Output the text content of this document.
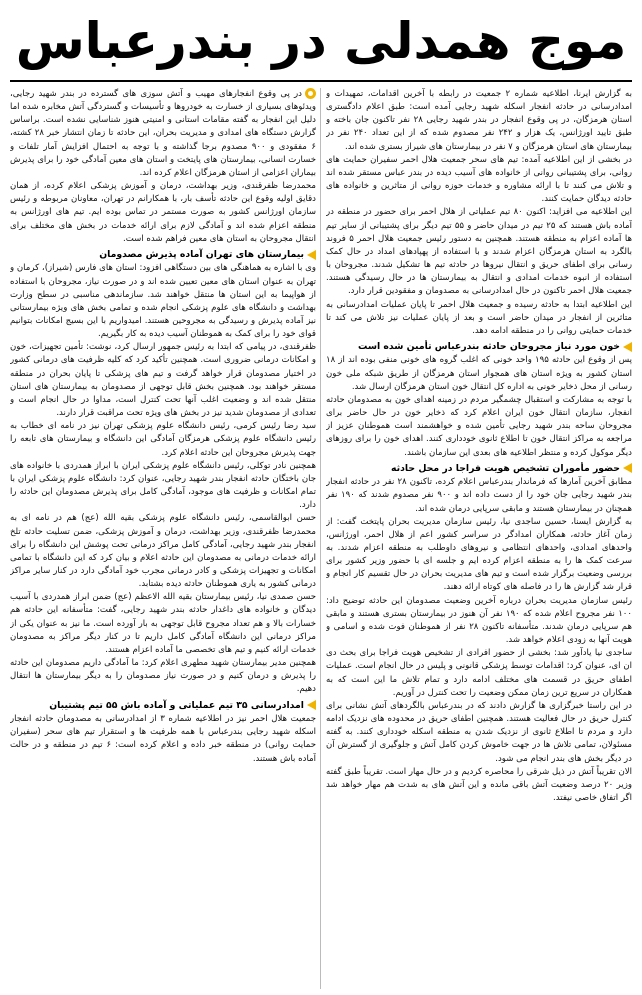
موج همدلی در بندرعباس

در پی وقوع انفجارهای مهیب و آتش سوزی های گسترده در بندر شهید رجایی، ویدئوهای بسیاری از خسارت به خودروها و تأسیسات و گستردگی آتش مخابره شده اما دلیل این انفجار به گفته مقامات استانی و امنیتی هنوز شناسایی نشده است. براساس گزارش دستگاه های امدادی و مدیریت بحران، این حادثه تا زمان انتشار خبر ۲۸ کشته، ۶ مفقودی و ۹۰۰ مصدوم برجا گذاشته و با توجه به احتمال افزایش آمار تلفات و خسارت انسانی، بیمارستان های پایتخت و استان های معین آمادگی خود را برای پذیرش بیماران اعزامی از استان هرمزگان اعلام کرده اند.

محمدرضا ظفرقندی، وزیر بهداشت، درمان و آموزش پزشکی اعلام کرده، از همان دقایق اولیه وقوع این حادثه تأسف بار، با همکارانم در تهران، معاونان مربوطه و رئیس سازمان اورژانس کشور به صورت مستمر در تماس بوده ایم. تیم های اورژانس به منطقه اعزام شده اند و آمادگی لازم برای ارائه خدمات در بخش های مختلف برای انتقال مجروحان به استان های معین فراهم شده است.

بیمارستان های تهران آماده پذیرش مصدومان

وی با اشاره به هماهنگی های بین دستگاهی افزود: استان های فارس (شیراز)، کرمان و تهران به عنوان استان های معین تعیین شده اند و در صورت نیاز، مجروحان با استفاده از هواپیما به این استان ها منتقل خواهند شد. سازماندهی مناسبی در سطح وزارت بهداشت و دانشگاه های علوم پزشکی انجام شده و تمامی بخش های ویژه بیمارستانی نیز آماده پذیرش و رسیدگی به مجروحین هستند. امیدواریم با این بسیج امکانات بتوانیم قوای خود را برای کمک به هموطنان آسیب دیده به کار بگیریم.

ظفرقندی، در پیامی که ابتدا به رئیس جمهور ارسال کرد، نوشت: تأمین تجهیزات، خون و امکانات درمانی ضروری است. همچنین تأکید کرد که کلیه ظرفیت های درمانی کشور در اختیار مصدومان قرار خواهد گرفت و تیم های پزشکی تا پایان بحران در منطقه مستقر خواهند بود. همچنین بخش قابل توجهی از مصدومان به بیمارستان های استان منتقل شده اند و وضعیت اغلب آنها تحت کنترل است، مداوا در حال انجام است و تعدادی از مصدومان شدید نیز در بخش های ویژه تحت مراقبت قرار دارند.

سید رضا رئیس کرمی، رئیس دانشگاه علوم پزشکی تهران نیز در نامه ای خطاب به رئیس دانشگاه علوم پزشکی هرمزگان آمادگی این دانشگاه و بیمارستان های تابعه را جهت پذیرش مجروحان این حادثه اعلام کرد.

همچنین نادر توکلی، رئیس دانشگاه علوم پزشکی ایران با ابراز همدردی با خانواده های جان باختگان حادثه انفجار بندر شهید رجایی، عنوان کرد: دانشگاه علوم پزشکی ایران با تمام امکانات و ظرفیت های موجود، آمادگی کامل برای پذیرش مصدومان این حادثه را دارد.

حسن ابوالقاسمی، رئیس دانشگاه علوم پزشکی بقیه الله (عج) هم در نامه ای به محمدرضا ظفرقندی، وزیر بهداشت، درمان و آموزش پزشکی، ضمن تسلیت حادثه تلخ انفجار بندر شهید رجایی، آمادگی کامل مراکز درمانی تحت پوشش این دانشگاه را برای ارائه خدمات درمانی به مصدومان این حادثه اعلام و بیان کرد که این دانشگاه با تمامی امکانات و تجهیزات پزشکی و کادر درمانی مجرب خود آمادگی دارد در کنار سایر مراکز درمانی کشور به یاری هموطنان حادثه دیده بشتابد.

حسن صمدی نیا، رئیس بیمارستان بقیه الله الاعظم (عج) ضمن ابراز همدردی با آسیب دیدگان و خانواده های داغدار حادثه بندر شهید رجایی، گفت: متأسفانه این حادثه هم خسارات بالا و هم تعداد مجروح قابل توجهی به بار آورده است. ما نیز به عنوان یکی از مراکز درمانی این دانشگاه آمادگی کامل داریم تا در کنار دیگر مراکز به مصدومان خدمات ارائه کنیم و تیم های تخصصی ما آماده اعزام هستند.

همچنین مدیر بیمارستان شهید مطهری اعلام کرد: ما آمادگی داریم مصدومان این حادثه را پذیرش و درمان کنیم و در صورت نیاز مصدومان را به دیگر بیمارستان ها انتقال دهیم.

امدادرسانی ۳۵ تیم عملیاتی و آماده باش ۵۵ تیم پشتیبان

جمعیت هلال احمر نیز در اطلاعیه شماره ۳ از امدادرسانی به مصدومان حادثه انفجار اسکله شهید رجایی بندرعباس با همه ظرفیت ها و استقرار تیم های سحر (سفیران حمایت روانی) در منطقه خبر داده و اعلام کرده است: ۶ تیم در منطقه و در حالت آماده باش هستند.

به گزارش ایرنا، اطلاعیه شماره ۲ جمعیت در رابطه با آخرین اقدامات، تمهیدات و امدادرسانی در حادثه انفجار اسکله شهید رجایی آمده است: طبق اعلام دادگستری استان هرمزگان، در پی وقوع انفجار در بندر شهید رجایی ۲۸ نفر تاکنون جان باخته و طبق تایید اورژانس، یک هزار و ۲۴۲ نفر مصدوم شده که از این تعداد ۲۴۰ نفر در بیمارستان های استان هرمزگان و ۷ نفر در بیمارستان های شیراز بستری شده اند.

در بخشی از این اطلاعیه آمده: تیم های سحر جمعیت هلال احمر سفیران حمایت های روانی، برای پشتیبانی روانی از خانواده های آسیب دیده در بندر عباس مستقر شده اند و تلاش می کنند تا با ارائه مشاوره و خدمات حوزه روانی از متاثرین و خانواده های حادثه دیدگان حمایت کنند.

این اطلاعیه می افزاید: اکنون ۸۰ تیم عملیاتی از هلال احمر برای حضور در منطقه در آماده باش هستند که ۲۵ تیم در میدان حاضر و ۵۵ تیم دیگر برای پشتیبانی از سایر تیم ها آماده اعزام به منطقه هستند. همچنین به دستور رئیس جمعیت هلال احمر ۵ فروند بالگرد به استان هرمزگان اعزام شدند و با استفاده از پهپادهای امداد در حال کمک رسانی برای اطفای حریق و انتقال نیروها در حادثه تیم ها تشکیل شدند. مجروحان با استفاده از انبوه خدمات امدادی و انتقال به بیمارستان ها در حال رسیدگی هستند. جمعیت هلال احمر تاکنون در حال امدادرسانی به مصدومان و مفقودین قرار دارد.

این اطلاعیه ابتدا به حادثه رسیده و جمعیت هلال احمر تا پایان عملیات امدادرسانی به متاثرین از انفجار در میدان حاضر است و بعد از پایان عملیات نیز تلاش می کند تا خدمات حمایتی روانی را در منطقه ادامه دهد.

خون مورد نیاز مجروحان حادثه بندرعباس تأمین شده است

پس از وقوع این حادثه ۱۹۵ واحد خونی که اغلب گروه های خونی منفی بوده اند از ۱۸ استان کشور به ویژه استان های همجوار استان هرمزگان از طریق شبکه ملی خون رسانی از محل ذخایر خونی به اداره کل انتقال خون استان هرمزگان ارسال شد.

با توجه به مشارکت و استقبال چشمگیر مردم در زمینه اهدای خون به مصدومان حادثه انفجار، سازمان انتقال خون ایران اعلام کرد که ذخایر خون در حال حاضر برای مجروحان ساحه بندر شهید رجایی تأمین شده و خواهشمند است هموطنان عزیز از مراجعه به مراکز انتقال خون تا اطلاع ثانوی خودداری کنند. اهدای خون را برای روزهای دیگر موکول کرده و منتظر اطلاعیه های بعدی این سازمان باشند.

حضور مأموران تشخیص هویت فراجا در محل حادثه

مطابق آخرین آمارها که فرماندار بندرعباس اعلام کرده، تاکنون ۲۸ نفر در حادثه انفجار بندر شهید رجایی جان خود را از دست داده اند و ۹۰۰ نفر مصدوم شدند که ۱۹۰ نفر همچنان در بیمارستان هستند و مابقی سرپایی درمان شده اند.

به گزارش ایسنا، حسین ساجدی نیا، رئیس سازمان مدیریت بحران پایتخت گفت: از زمان آغاز حادثه، همکاران امدادگر در سراسر کشور اعم از هلال احمر، اورژانس، واحدهای امدادی، واحدهای انتظامی و نیروهای داوطلب به منطقه اعزام شدند. به سرعت کمک ها را به منطقه اعزام کرده ایم و جلسه ای با حضور وزیر کشور برای بررسی وضعیت برگزار شده است و تیم های مدیریت بحران در حال تقسیم کار انجام و قرار شد گزارش ها را در فاصله های کوتاه ارائه دهند.

رئیس سازمان مدیریت بحران درباره آخرین وضعیت مصدومان این حادثه توضیح داد: ۱۰۰ نفر مجروح اعلام شده که ۱۹۰ نفر آن هنوز در بیمارستان بستری هستند و مابقی هم سرپایی درمان شدند. متأسفانه تاکنون ۲۸ نفر از هموطنان فوت شده و اسامی و هویت آنها به زودی اعلام خواهد شد.

ساجدی نیا یادآور شد: بخشی از حضور افرادی از تشخیص هویت فراجا برای بحث دی ان ای، عنوان کرد: اقدامات توسط پزشکی قانونی و پلیس در حال انجام است. عملیات اطفای حریق در قسمت های مختلف ادامه دارد و تمام تلاش ما این است که به همکاران در سریع ترین زمان ممکن وضعیت را تحت کنترل در آوریم.

در این راستا خبرگزاری ها گزارش دادند که در بندرعباس بالگردهای آتش نشانی برای کنترل حریق در حال فعالیت هستند. همچنین اطفای حریق در محدوده های نزدیک ادامه دارد و مردم تا اطلاع ثانوی از نزدیک شدن به منطقه اسکله خودداری کنند. به گفته مسئولان، تمامی تلاش ها در جهت خاموش کردن کامل آتش و جلوگیری از گسترش آن در دیگر بخش های بندر انجام می شود.

الان تقریباً آتش در ذیل شرقی را محاصره کردیم و در حال مهار است. تقریباً طبق گفته وزیر ۲۰ درصد وضعیت آتش باقی مانده و این آتش های به شدت هم مهار خواهد شد اگر اتفاق خاصی نیفتد.
